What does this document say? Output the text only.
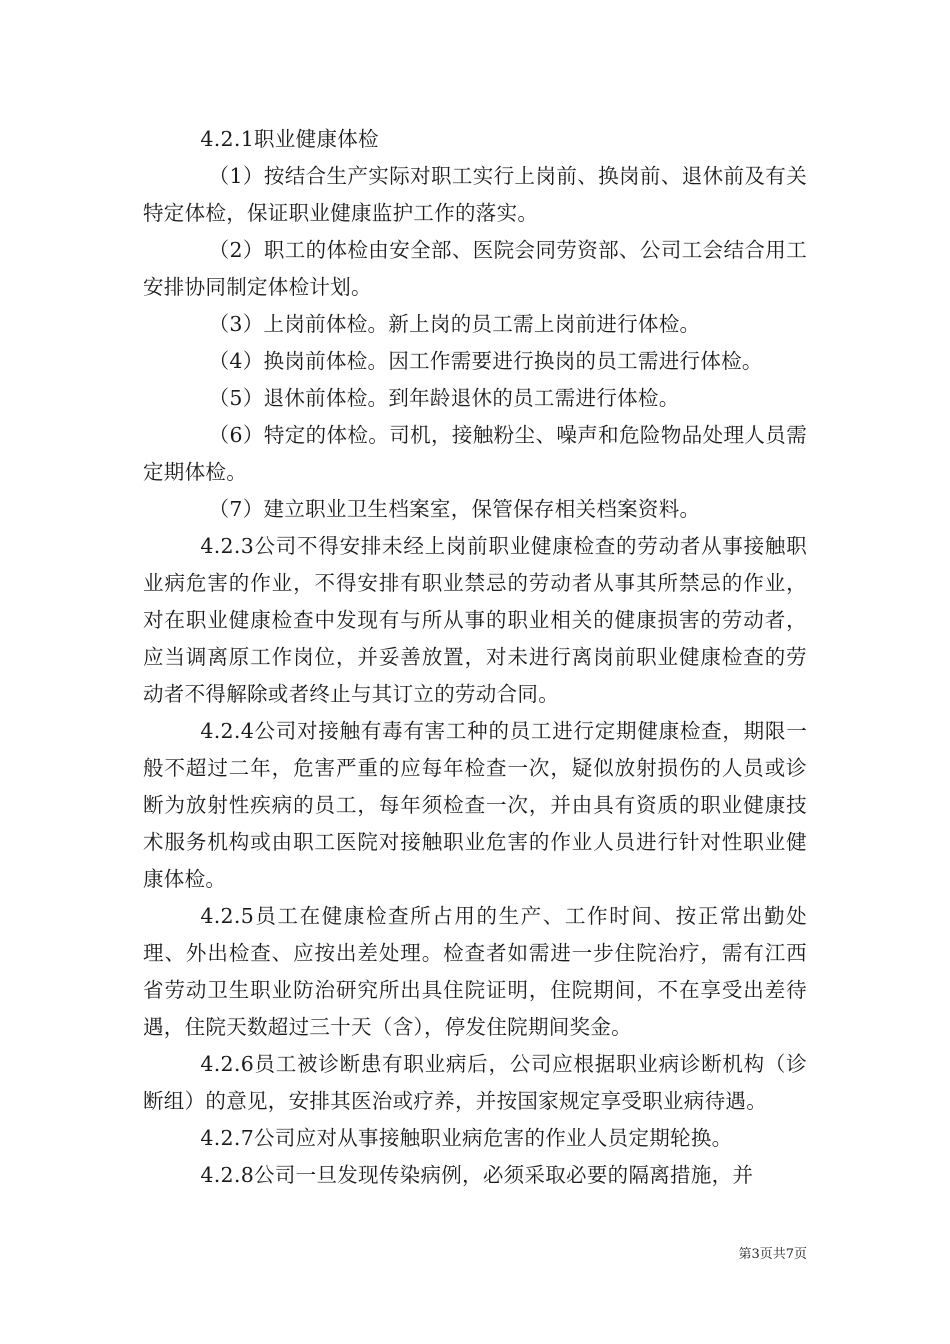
4.2.1职业健康体检

（1）按结合生产实际对职工实行上岗前、换岗前、退休前及有关特定体检，保证职业健康监护工作的落实。

（2）职工的体检由安全部、医院会同劳资部、公司工会结合用工安排协同制定体检计划。

（3）上岗前体检。新上岗的员工需上岗前进行体检。

（4）换岗前体检。因工作需要进行换岗的员工需进行体检。

（5）退休前体检。到年龄退休的员工需进行体检。

（6）特定的体检。司机，接触粉尘、噪声和危险物品处理人员需定期体检。

（7）建立职业卫生档案室，保管保存相关档案资料。

4.2.3公司不得安排未经上岗前职业健康检查的劳动者从事接触职业病危害的作业，不得安排有职业禁忌的劳动者从事其所禁忌的作业，对在职业健康检查中发现有与所从事的职业相关的健康损害的劳动者，应当调离原工作岗位，并妥善放置，对未进行离岗前职业健康检查的劳动者不得解除或者终止与其订立的劳动合同。

4.2.4公司对接触有毒有害工种的员工进行定期健康检查，期限一般不超过二年，危害严重的应每年检查一次，疑似放射损伤的人员或诊断为放射性疾病的员工，每年须检查一次，并由具有资质的职业健康技术服务机构或由职工医院对接触职业危害的作业人员进行针对性职业健康体检。

4.2.5员工在健康检查所占用的生产、工作时间、按正常出勤处理、外出检查、应按出差处理。检查者如需进一步住院治疗，需有江西省劳动卫生职业防治研究所出具住院证明，住院期间，不在享受出差待遇，住院天数超过三十天（含），停发住院期间奖金。

4.2.6员工被诊断患有职业病后，公司应根据职业病诊断机构（诊断组）的意见，安排其医治或疗养，并按国家规定享受职业病待遇。

4.2.7公司应对从事接触职业病危害的作业人员定期轮换。

4.2.8公司一旦发现传染病例，必须采取必要的隔离措施，并

第3页共7页
